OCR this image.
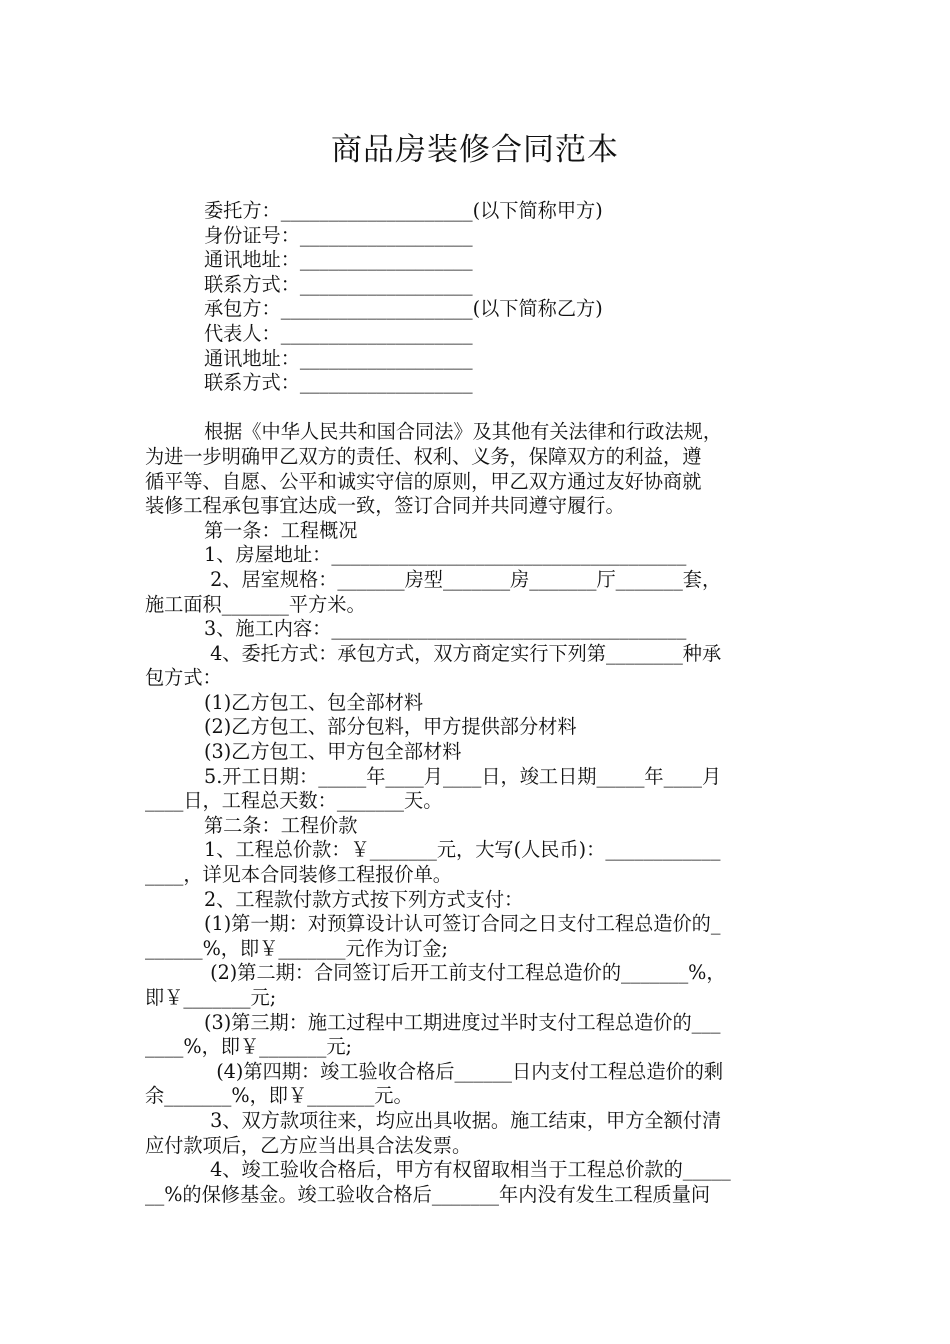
商品房装修合同范本
委托方：____________________(以下简称甲方)
身份证号：__________________
通讯地址：__________________
联系方式：__________________
承包方：____________________(以下简称乙方)
代表人：____________________
通讯地址：__________________
联系方式：__________________
根据《中华人民共和国合同法》及其他有关法律和行政法规，
为进一步明确甲乙双方的责任、权利、义务，保障双方的利益，遵
循平等、自愿、公平和诚实守信的原则，甲乙双方通过友好协商就
装修工程承包事宜达成一致，签订合同并共同遵守履行。
第一条：工程概况
1、房屋地址：_____________________________________
2、居室规格：_______房型_______房_______厅_______套，
施工面积_______平方米。
3、施工内容：_____________________________________
4、委托方式：承包方式，双方商定实行下列第________种承
包方式：
(1)乙方包工、包全部材料
(2)乙方包工、部分包料，甲方提供部分材料
(3)乙方包工、甲方包全部材料
5.开工日期：_____年____月____日，竣工日期_____年____月
____日，工程总天数：_______天。
第二条：工程价款
1、工程总价款：￥_______元，大写(人民币)：____________
____，详见本合同装修工程报价单。
2、工程款付款方式按下列方式支付：
(1)第一期：对预算设计认可签订合同之日支付工程总造价的_
______%，即￥_______元作为订金;
(2)第二期：合同签订后开工前支付工程总造价的_______%，
即￥_______元;
(3)第三期：施工过程中工期进度过半时支付工程总造价的___
____%，即￥_______元;
(4)第四期：竣工验收合格后______日内支付工程总造价的剩
余_______%，即￥_______元。
3、双方款项往来，均应出具收据。施工结束，甲方全额付清
应付款项后，乙方应当出具合法发票。
4、竣工验收合格后，甲方有权留取相当于工程总价款的_____
__%的保修基金。竣工验收合格后_______年内没有发生工程质量问
